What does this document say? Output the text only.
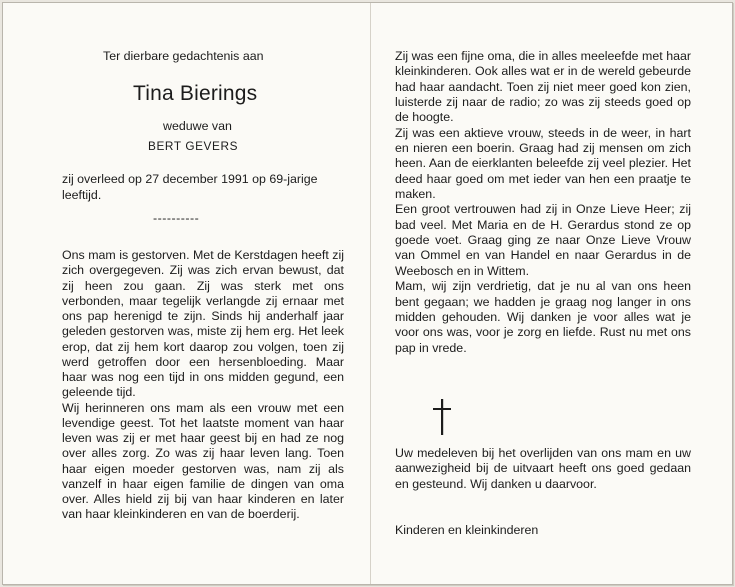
Ter dierbare gedachtenis aan
Tina Bierings
weduwe van
BERT GEVERS
zij overleed op 27 december 1991 op 69-jarige leeftijd.
----------

Ons mam is gestorven. Met de Kerstdagen heeft zij zich overgegeven. Zij was zich ervan bewust, dat zij heen zou gaan. Zij was sterk met ons verbonden, maar tegelijk verlangde zij ernaar met ons pap herenigd te zijn. Sinds hij anderhalf jaar geleden gestorven was, miste zij hem erg. Het leek erop, dat zij hem kort daarop zou volgen, toen zij werd getroffen door een hersenbloeding. Maar haar was nog een tijd in ons midden gegund, een geleende tijd.

Wij herinneren ons mam als een vrouw met een levendige geest. Tot het laatste moment van haar leven was zij er met haar geest bij en had ze nog over alles zorg. Zo was zij haar leven lang. Toen haar eigen moeder gestorven was, nam zij als vanzelf in haar eigen familie de dingen van oma over. Alles hield zij bij van haar kinderen en later van haar kleinkinderen en van de boerderij.

Zij was een fijne oma, die in alles meeleefde met haar kleinkinderen. Ook alles wat er in de wereld gebeurde had haar aandacht. Toen zij niet meer goed kon zien, luisterde zij naar de radio; zo was zij steeds goed op de hoogte.

Zij was een aktieve vrouw, steeds in de weer, in hart en nieren een boerin. Graag had zij mensen om zich heen. Aan de eierklanten beleefde zij veel plezier. Het deed haar goed om met ieder van hen een praatje te maken.

Een groot vertrouwen had zij in Onze Lieve Heer; zij bad veel. Met Maria en de H. Gerardus stond ze op goede voet. Graag ging ze naar Onze Lieve Vrouw van Ommel en van Handel en naar Gerardus in de Weebosch en in Wittem.

Mam, wij zijn verdrietig, dat je nu al van ons heen bent gegaan; we hadden je graag nog langer in ons midden gehouden. Wij danken je voor alles wat je voor ons was, voor je zorg en liefde. Rust nu met ons pap in vrede.

Uw medeleven bij het overlijden van ons mam en uw aanwezigheid bij de uitvaart heeft ons goed gedaan en gesteund. Wij danken u daarvoor.
Kinderen en kleinkinderen
